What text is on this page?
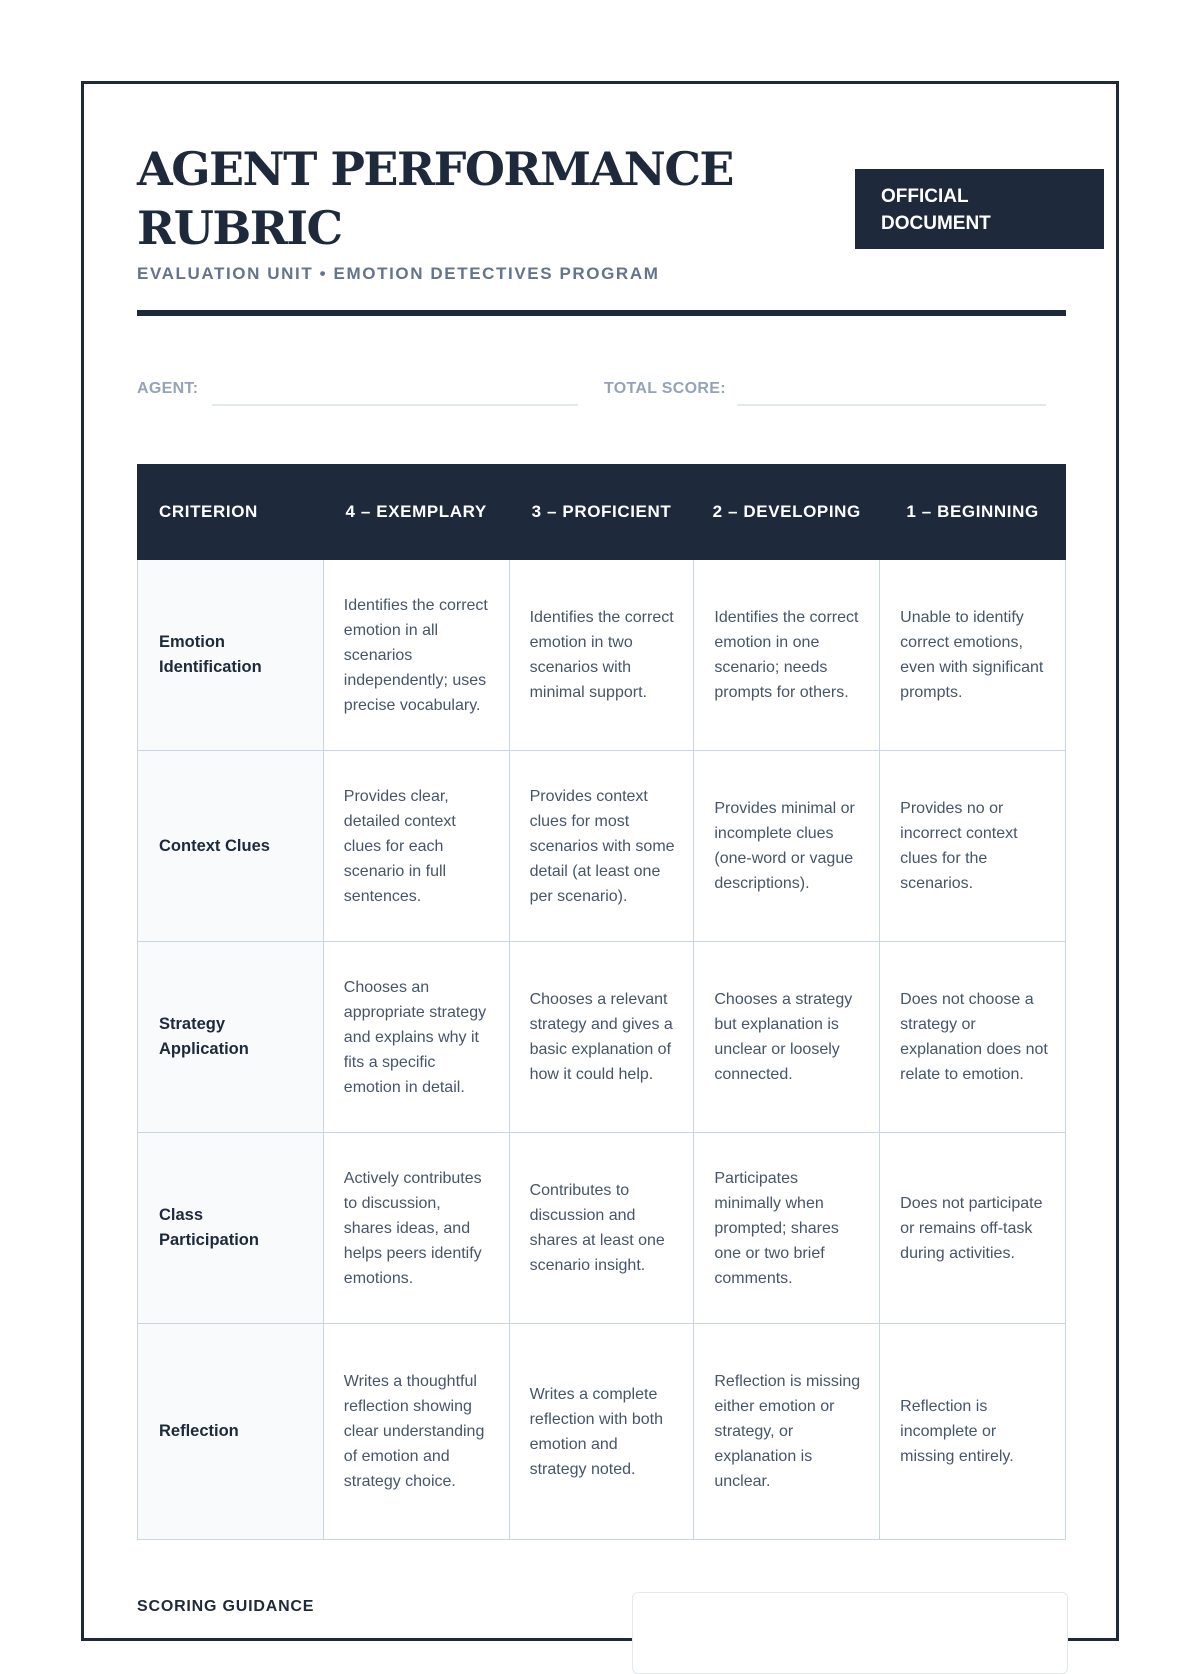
AGENT PERFORMANCE RUBRIC
EVALUATION UNIT • EMOTION DETECTIVES PROGRAM
OFFICIAL DOCUMENT
AGENT:	TOTAL SCORE:
CRITERION	4 – EXEMPLARY	3 – PROFICIENT	2 – DEVELOPING	1 – BEGINNING
Emotion Identification	Identifies the correct emotion in all scenarios independently; uses precise vocabulary.	Identifies the correct emotion in two scenarios with minimal support.	Identifies the correct emotion in one scenario; needs prompts for others.	Unable to identify correct emotions, even with significant prompts.
Context Clues	Provides clear, detailed context clues for each scenario in full sentences.	Provides context clues for most scenarios with some detail (at least one per scenario).	Provides minimal or incomplete clues (one-word or vague descriptions).	Provides no or incorrect context clues for the scenarios.
Strategy Application	Chooses an appropriate strategy and explains why it fits a specific emotion in detail.	Chooses a relevant strategy and gives a basic explanation of how it could help.	Chooses a strategy but explanation is unclear or loosely connected.	Does not choose a strategy or explanation does not relate to emotion.
Class Participation	Actively contributes to discussion, shares ideas, and helps peers identify emotions.	Contributes to discussion and shares at least one scenario insight.	Participates minimally when prompted; shares one or two brief comments.	Does not participate or remains off-task during activities.
Reflection	Writes a thoughtful reflection showing clear understanding of emotion and strategy choice.	Writes a complete reflection with both emotion and strategy noted.	Reflection is missing either emotion or strategy, or explanation is unclear.	Reflection is incomplete or missing entirely.
SCORING GUIDANCE
